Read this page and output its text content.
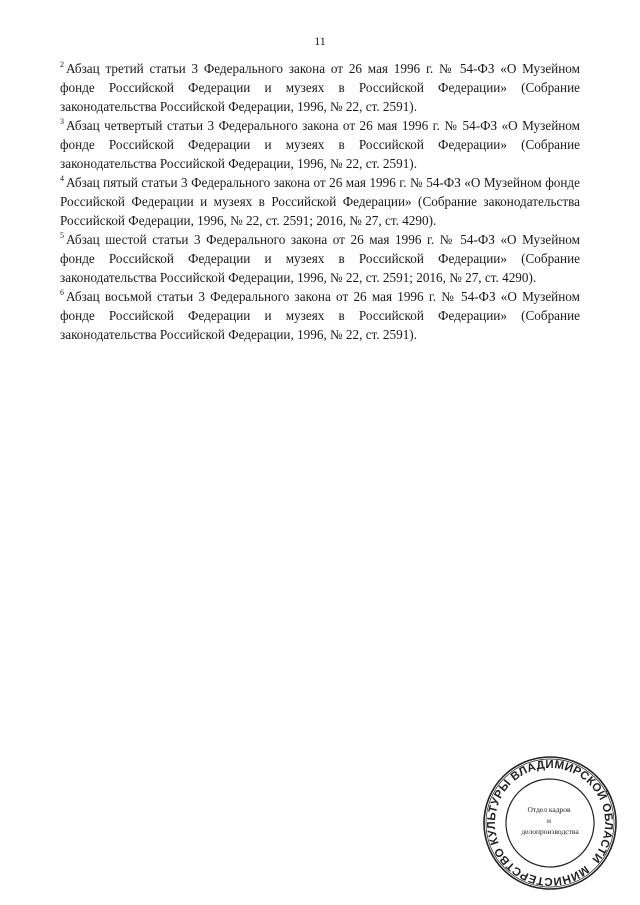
11

$^2$ Абзац третий статьи 3 Федерального закона от 26 мая 1996 г. № 54-ФЗ «О Музейном фонде Российской Федерации и музеях в Российской Федерации» (Собрание законодательства Российской Федерации, 1996, № 22, ст. 2591).

$^3$ Абзац четвертый статьи 3 Федерального закона от 26 мая 1996 г. № 54-ФЗ «О Музейном фонде Российской Федерации и музеях в Российской Федерации» (Собрание законодательства Российской Федерации, 1996, № 22, ст. 2591).

$^4$ Абзац пятый статьи 3 Федерального закона от 26 мая 1996 г. № 54-ФЗ «О Музейном фонде Российской Федерации и музеях в Российской Федерации» (Собрание законодательства Российской Федерации, 1996, № 22, ст. 2591; 2016, № 27, ст. 4290).

$^5$ Абзац шестой статьи 3 Федерального закона от 26 мая 1996 г. № 54-ФЗ «О Музейном фонде Российской Федерации и музеях в Российской Федерации» (Собрание законодательства Российской Федерации, 1996, № 22, ст. 2591; 2016, № 27, ст. 4290).

$^6$ Абзац восьмой статьи 3 Федерального закона от 26 мая 1996 г. № 54-ФЗ «О Музейном фонде Российской Федерации и музеях в Российской Федерации» (Собрание законодательства Российской Федерации, 1996, № 22, ст. 2591).

МИНИСТЕРСТВО КУЛЬТУРЫ ВЛАДИМИРСКОЙ ОБЛАСТИ
Отдел кадров и делопроизводства
